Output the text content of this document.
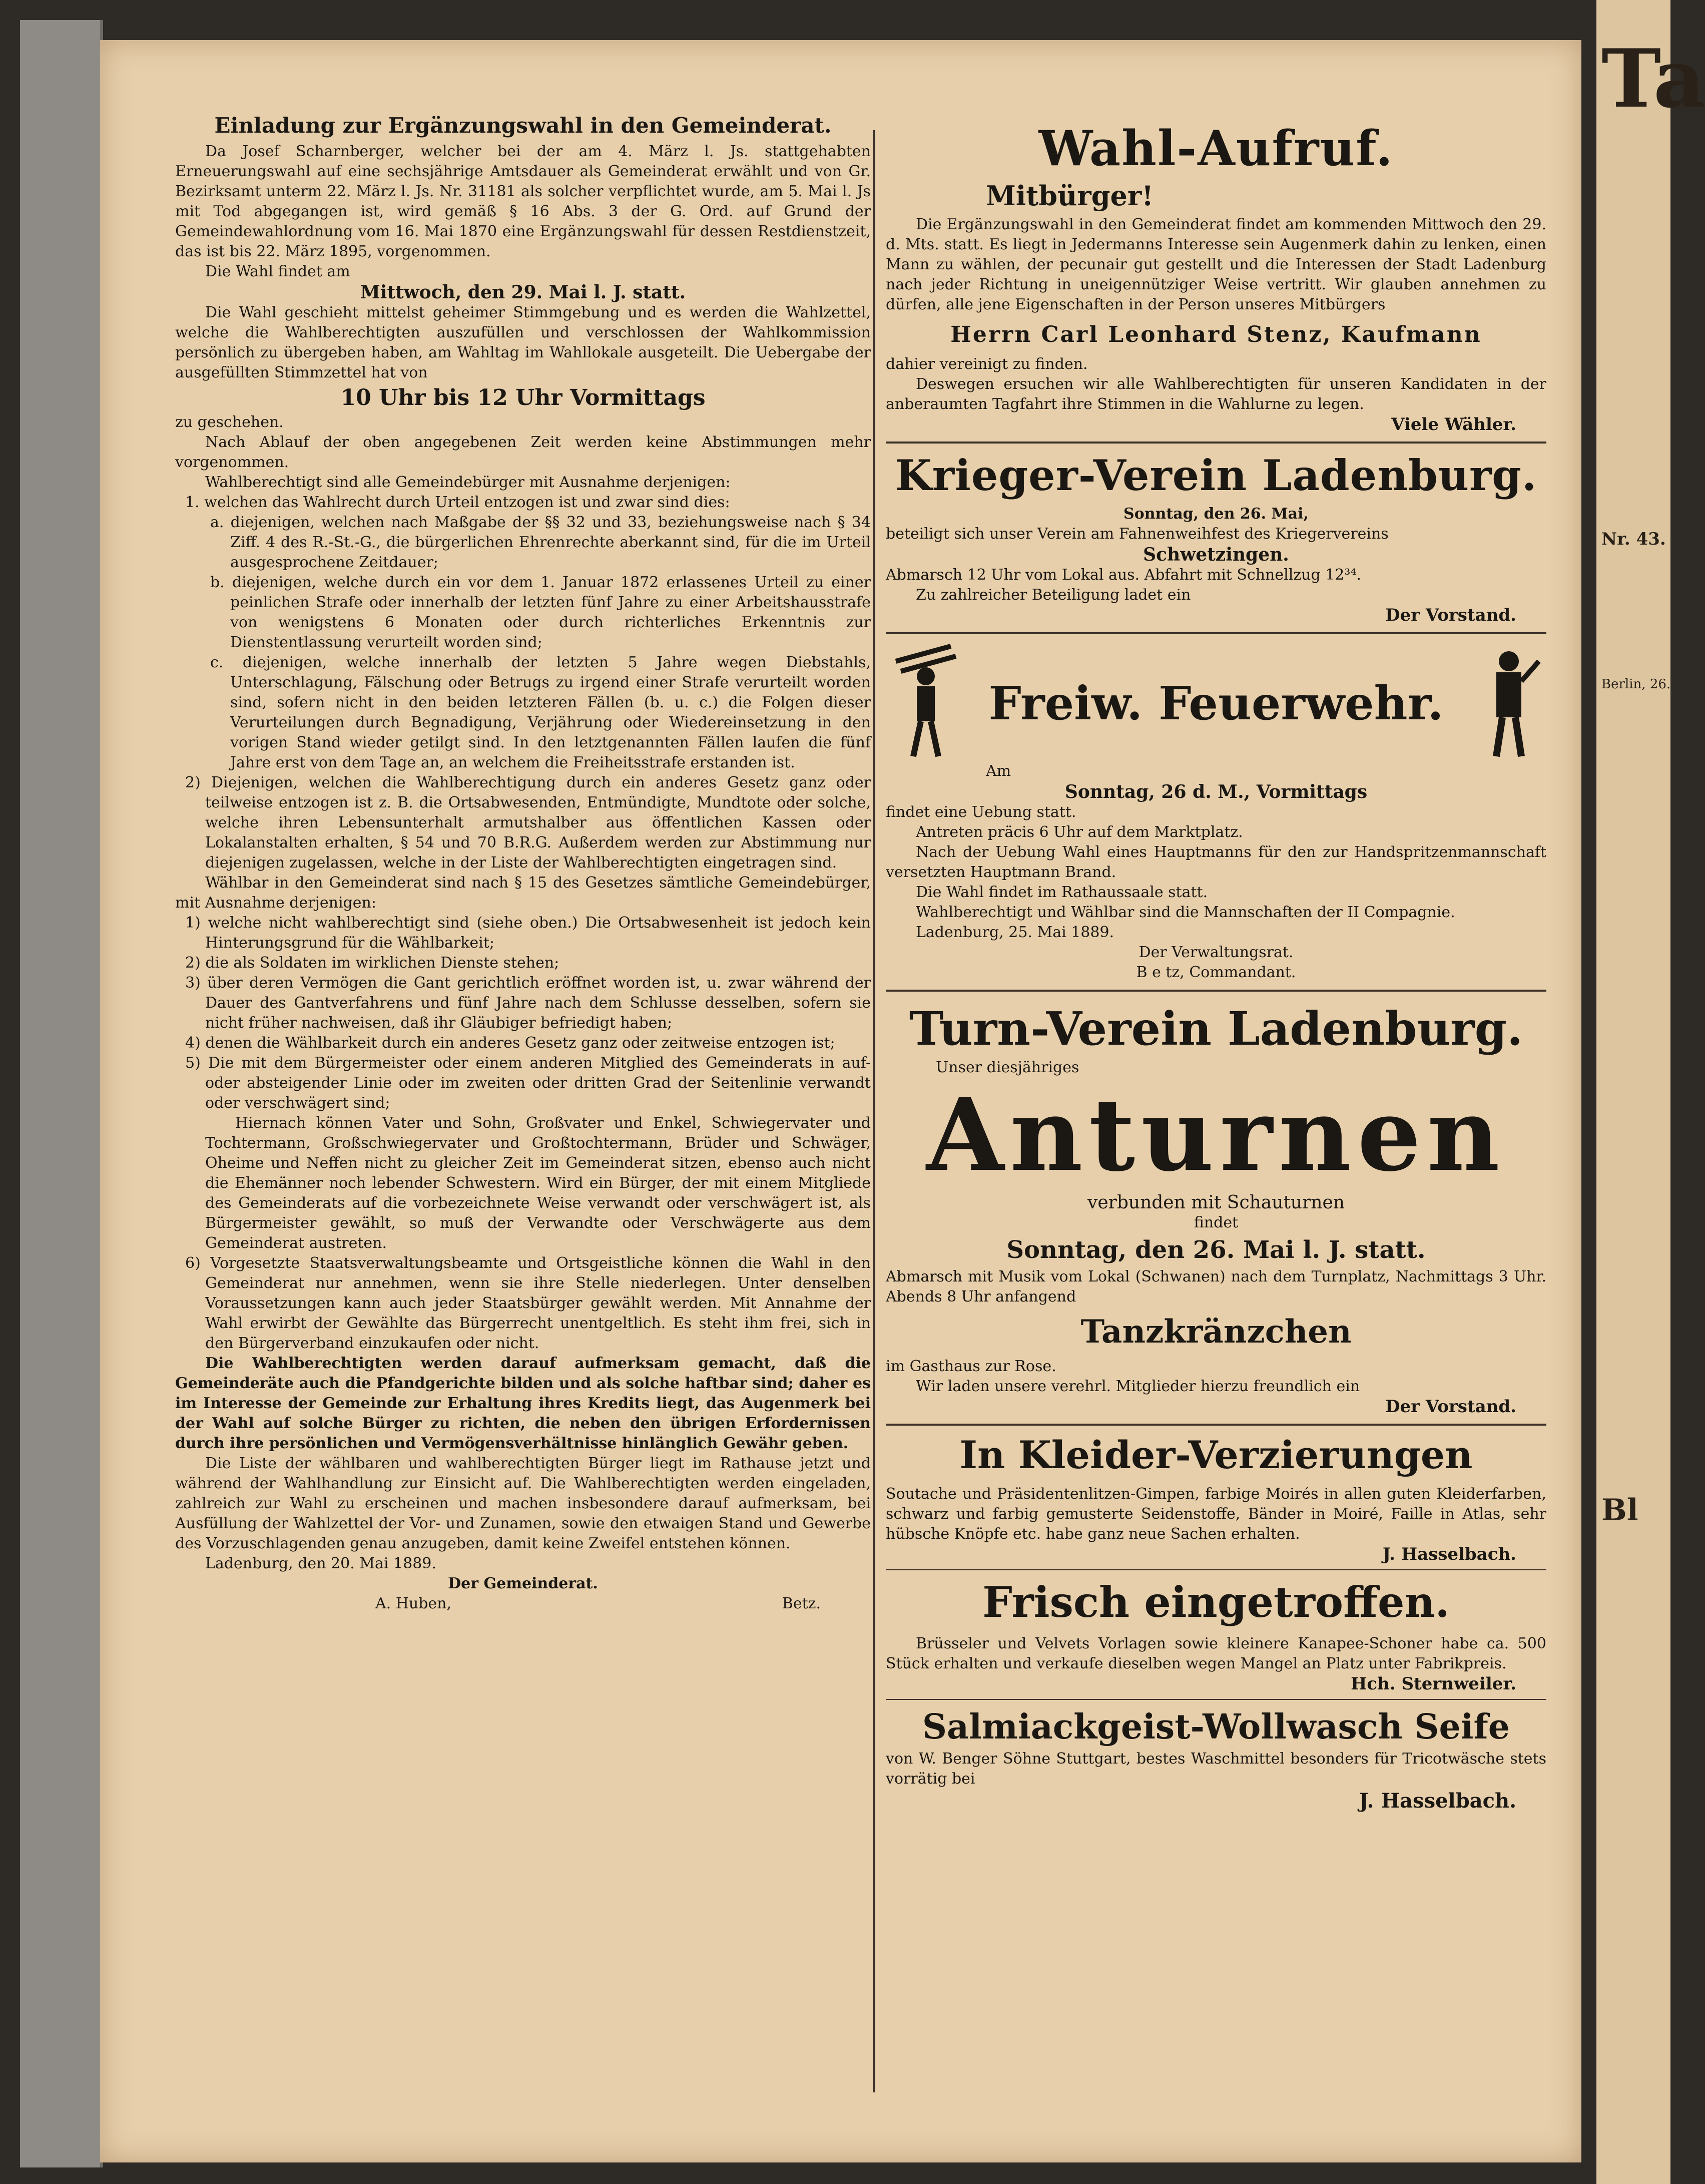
Einladung zur Ergänzungswahl in den Gemeinderat.

Da Josef Scharnberger, welcher bei der am 4. März l. Js. stattgehabten Erneuerungswahl auf eine sechsjährige Amtsdauer als Gemeinderat erwählt und von Gr. Bezirksamt unterm 22. März l. Js. Nr. 31181 als solcher verpflichtet wurde, am 5. Mai l. Js mit Tod abgegangen ist, wird gemäß § 16 Abs. 3 der G. Ord. auf Grund der Gemeindewahlordnung vom 16. Mai 1870 eine Ergänzungswahl für dessen Restdienstzeit, das ist bis 22. März 1895, vorgenommen.

Die Wahl findet am

Mittwoch, den 29. Mai l. J. statt.

Die Wahl geschieht mittelst geheimer Stimmgebung und es werden die Wahlzettel, welche die Wahlberechtigten auszufüllen und verschlossen der Wahlkommission persönlich zu übergeben haben, am Wahltag im Wahllokale ausgeteilt. Die Uebergabe der ausgefüllten Stimmzettel hat von

10 Uhr bis 12 Uhr Vormittags

zu geschehen.

Nach Ablauf der oben angegebenen Zeit werden keine Abstimmungen mehr vorgenommen.

Wahlberechtigt sind alle Gemeindebürger mit Ausnahme derjenigen:

1. welchen das Wahlrecht durch Urteil entzogen ist und zwar sind dies:

a. diejenigen, welchen nach Maßgabe der §§ 32 und 33, beziehungsweise nach § 34 Ziff. 4 des R.-St.-G., die bürgerlichen Ehrenrechte aberkannt sind, für die im Urteil ausgesprochene Zeitdauer;

b. diejenigen, welche durch ein vor dem 1. Januar 1872 erlassenes Urteil zu einer peinlichen Strafe oder innerhalb der letzten fünf Jahre zu einer Arbeitshausstrafe von wenigstens 6 Monaten oder durch richterliches Erkenntnis zur Dienstentlassung verurteilt worden sind;

c. diejenigen, welche innerhalb der letzten 5 Jahre wegen Diebstahls, Unterschlagung, Fälschung oder Betrugs zu irgend einer Strafe verurteilt worden sind, sofern nicht in den beiden letzteren Fällen (b. u. c.) die Folgen dieser Verurteilungen durch Begnadigung, Verjährung oder Wiedereinsetzung in den vorigen Stand wieder getilgt sind. In den letztgenannten Fällen laufen die fünf Jahre erst von dem Tage an, an welchem die Freiheitsstrafe erstanden ist.

2) Diejenigen, welchen die Wahlberechtigung durch ein anderes Gesetz ganz oder teilweise entzogen ist z. B. die Ortsabwesenden, Entmündigte, Mundtote oder solche, welche ihren Lebensunterhalt armutshalber aus öffentlichen Kassen oder Lokalanstalten erhalten, § 54 und 70 B.R.G. Außerdem werden zur Abstimmung nur diejenigen zugelassen, welche in der Liste der Wahlberechtigten eingetragen sind.

Wählbar in den Gemeinderat sind nach § 15 des Gesetzes sämtliche Gemeindebürger, mit Ausnahme derjenigen:

1) welche nicht wahlberechtigt sind (siehe oben.) Die Ortsabwesenheit ist jedoch kein Hinterungsgrund für die Wählbarkeit;

2) die als Soldaten im wirklichen Dienste stehen;

3) über deren Vermögen die Gant gerichtlich eröffnet worden ist, u. zwar während der Dauer des Gantverfahrens und fünf Jahre nach dem Schlusse desselben, sofern sie nicht früher nachweisen, daß ihr Gläubiger befriedigt haben;

4) denen die Wählbarkeit durch ein anderes Gesetz ganz oder zeitweise entzogen ist;

5) Die mit dem Bürgermeister oder einem anderen Mitglied des Gemeinderats in auf- oder absteigender Linie oder im zweiten oder dritten Grad der Seitenlinie verwandt oder verschwägert sind;

Hiernach können Vater und Sohn, Großvater und Enkel, Schwiegervater und Tochtermann, Großschwiegervater und Großtochtermann, Brüder und Schwäger, Oheime und Neffen nicht zu gleicher Zeit im Gemeinderat sitzen, ebenso auch nicht die Ehemänner noch lebender Schwestern. Wird ein Bürger, der mit einem Mitgliede des Gemeinderats auf die vorbezeichnete Weise verwandt oder verschwägert ist, als Bürgermeister gewählt, so muß der Verwandte oder Verschwägerte aus dem Gemeinderat austreten.

6) Vorgesetzte Staatsverwaltungsbeamte und Ortsgeistliche können die Wahl in den Gemeinderat nur annehmen, wenn sie ihre Stelle niederlegen. Unter denselben Voraussetzungen kann auch jeder Staatsbürger gewählt werden. Mit Annahme der Wahl erwirbt der Gewählte das Bürgerrecht unentgeltlich. Es steht ihm frei, sich in den Bürgerverband einzukaufen oder nicht.

Die Wahlberechtigten werden darauf aufmerksam gemacht, daß die Gemeinderäte auch die Pfandgerichte bilden und als solche haftbar sind; daher es im Interesse der Gemeinde zur Erhaltung ihres Kredits liegt, das Augenmerk bei der Wahl auf solche Bürger zu richten, die neben den übrigen Erfordernissen durch ihre persönlichen und Vermögensverhältnisse hinlänglich Gewähr geben.

Die Liste der wählbaren und wahlberechtigten Bürger liegt im Rathause jetzt und während der Wahlhandlung zur Einsicht auf. Die Wahlberechtigten werden eingeladen, zahlreich zur Wahl zu erscheinen und machen insbesondere darauf aufmerksam, bei Ausfüllung der Wahlzettel der Vor- und Zunamen, sowie den etwaigen Stand und Gewerbe des Vorzuschlagenden genau anzugeben, damit keine Zweifel entstehen können.

Ladenburg, den 20. Mai 1889.

Der Gemeinderat.

A. Huben,	Betz.

Wahl-Aufruf.

Mitbürger!

Die Ergänzungswahl in den Gemeinderat findet am kommenden Mittwoch den 29. d. Mts. statt. Es liegt in Jedermanns Interesse sein Augenmerk dahin zu lenken, einen Mann zu wählen, der pecunair gut gestellt und die Interessen der Stadt Ladenburg nach jeder Richtung in uneigennütziger Weise vertritt. Wir glauben annehmen zu dürfen, alle jene Eigenschaften in der Person unseres Mitbürgers

Herrn Carl Leonhard Stenz, Kaufmann

dahier vereinigt zu finden.

Deswegen ersuchen wir alle Wahlberechtigten für unseren Kandidaten in der anberaumten Tagfahrt ihre Stimmen in die Wahlurne zu legen.

Viele Wähler.

Krieger-Verein Ladenburg.

Sonntag, den 26. Mai,

beteiligt sich unser Verein am Fahnenweihfest des Kriegervereins

Schwetzingen.

Abmarsch 12 Uhr vom Lokal aus. Abfahrt mit Schnellzug 12³⁴.

Zu zahlreicher Beteiligung ladet ein

Der Vorstand.

Freiw. Feuerwehr.

Am

Sonntag, 26 d. M., Vormittags

findet eine Uebung statt.

Antreten präcis 6 Uhr auf dem Marktplatz.

Nach der Uebung Wahl eines Hauptmanns für den zur Handspritzenmannschaft versetzten Hauptmann Brand.

Die Wahl findet im Rathaussaale statt.

Wahlberechtigt und Wählbar sind die Mannschaften der II Compagnie.

Ladenburg, 25. Mai 1889.

Der Verwaltungsrat.

B e tz, Commandant.

Turn-Verein Ladenburg.

Unser diesjähriges

Anturnen

verbunden mit Schauturnen

findet

Sonntag, den 26. Mai l. J. statt.

Abmarsch mit Musik vom Lokal (Schwanen) nach dem Turnplatz, Nachmittags 3 Uhr. Abends 8 Uhr anfangend

Tanzkränzchen

im Gasthaus zur Rose.

Wir laden unsere verehrl. Mitglieder hierzu freundlich ein

Der Vorstand.

In Kleider-Verzierungen

Soutache und Präsidentenlitzen-Gimpen, farbige Moirés in allen guten Kleiderfarben, schwarz und farbig gemusterte Seidenstoffe, Bänder in Moiré, Faille in Atlas, sehr hübsche Knöpfe etc. habe ganz neue Sachen erhalten.

J. Hasselbach.

Frisch eingetroffen.

Brüsseler und Velvets Vorlagen sowie kleinere Kanapee-Schoner habe ca. 500 Stück erhalten und verkaufe dieselben wegen Mangel an Platz unter Fabrikpreis.

Hch. Sternweiler.

Salmiackgeist-Wollwasch Seife

von W. Benger Söhne Stuttgart, bestes Waschmittel besonders für Tricotwäsche stets vorrätig bei

J. Hasselbach.

Ta
Nr. 43.
Berlin, 26.
Bl
